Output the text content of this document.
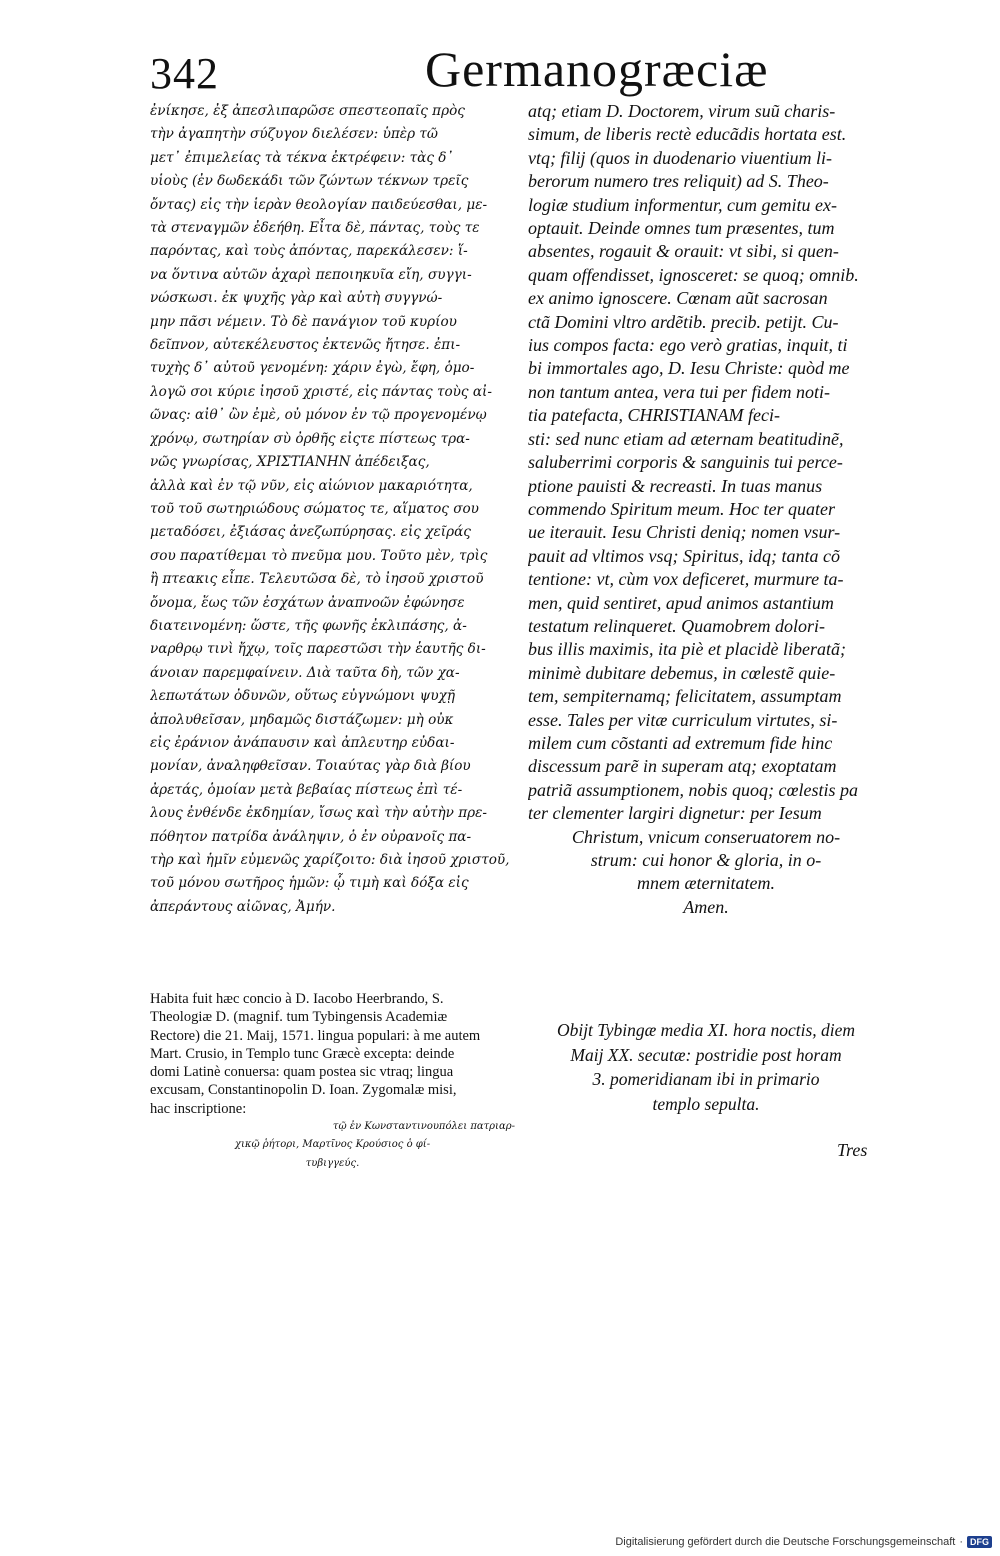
342	Germanogræciæ
ἐνίκησε, ἐξ ἀπεσλιπαρῶσε σπεστεοπαῖς πρὸς
τὴν ἀγαπητὴν σύζυγον διελέσεν: ὑπὲρ τῶ
μετ᾽ ἐπιμελείας τὰ τέκνα ἐκτρέφειν: τὰς δ᾽
υἱοὺς (ἐν δωδεκάδι τῶν ζώντων τέκνων τρεῖς
ὄντας) εἰς τὴν ἱερὰν θεολογίαν παιδεύεσθαι, με-
τὰ στεναγμῶν ἐδεήθη. Εἶτα δὲ, πάντας, τοὺς τε
παρόντας, καὶ τοὺς ἀπόντας, παρεκάλεσεν: ἵ-
να ὅντινα αὐτῶν ἀχαρὶ πεποιηκυῖα εἴη, συγγι-
νώσκωσι. ἐκ ψυχῆς γὰρ καὶ αὐτὴ συγγνώ-
μην πᾶσι νέμειν. Τὸ δὲ πανάγιον τοῦ κυρίου
δεῖπνον, αὐτεκέλευστος ἐκτενῶς ἤτησε. ἐπι-
τυχὴς δ᾽ αὐτοῦ γενομένη: χάριν ἐγὼ, ἔφη, ὁμο-
λογῶ σοι κύριε ἰησοῦ χριστέ, εἰς πάντας τοὺς αἰ-
ῶνας: αἰθ᾽ ὢν ἐμὲ, οὐ μόνον ἐν τῷ προγενομένῳ
χρόνῳ, σωτηρίαν σὺ ὀρθῆς εἰςτε πίστεως τρα-
νῶς γνωρίσας, ΧΡΙΣΤΙΑΝΗΝ ἀπέδειξας,
ἀλλὰ καὶ ἐν τῷ νῦν, εἰς αἰώνιον μακαριότητα,
τοῦ τοῦ σωτηριώδους σώματος τε, αἵματος σου
μεταδόσει, ἐξιάσας ἀνεζωπύρησας. εἰς χεῖράς
σου παρατίθεμαι τὸ πνεῦμα μου. Τοῦτο μὲν, τρὶς
ἢ πτεακις εἶπε. Τελευτῶσα δὲ, τὸ ἰησοῦ χριστοῦ
ὄνομα, ἕως τῶν ἐσχάτων ἀναπνοῶν ἐφώνησε
διατεινομένη: ὥστε, τῆς φωνῆς ἐκλιπάσης, ἀ-
ναρθρῳ τινὶ ἤχῳ, τοῖς παρεστῶσι τὴν ἑαυτῆς δι-
άνοιαν παρεμφαίνειν. Διὰ ταῦτα δὴ, τῶν χα-
λεπωτάτων ὀδυνῶν, οὕτως εὐγνώμονι ψυχῇ
ἀπολυθεῖσαν, μηδαμῶς διστάζωμεν: μὴ οὐκ
εἰς ἐράνιον ἀνάπαυσιν καὶ ἀπλευτηρ εὐδαι-
μονίαν, ἀναληφθεῖσαν. Τοιαύτας γὰρ διὰ βίου
ἀρετάς, ὁμοίαν μετὰ βεβαίας πίστεως ἐπὶ τέ-
λους ἐνθένδε ἐκδημίαν, ἴσως καὶ τὴν αὐτὴν πρε-
πόθητον πατρίδα ἀνάληψιν, ὁ ἐν οὐρανοῖς πα-
τὴρ καὶ ἡμῖν εὐμενῶς χαρίζοιτο: διὰ ἰησοῦ χριστοῦ,
τοῦ μόνου σωτῆρος ἡμῶν: ᾧ τιμὴ καὶ δόξα εἰς
ἀπεράντους αἰῶνας, Ἀμήν.
atq; etiam D. Doctorem, virum suũ charis-
simum, de liberis rectè educãdis hortata est.
vtq; filij (quos in duodenario viuentium li-
berorum numero tres reliquit) ad S. Theo-
logiæ studium informentur, cum gemitu ex-
optauit. Deinde omnes tum præsentes, tum
absentes, rogauit & orauit: vt sibi, si quen-
quam offendisset, ignosceret: se quoq; omnib.
ex animo ignoscere. Cœnam aũt sacrosan
ctã Domini vltro ardẽtib. precib. petijt. Cu-
ius compos facta: ego verò gratias, inquit, ti
bi immortales ago, D. Iesu Christe: quòd me
non tantum antea, vera tui per fidem noti-
tia patefacta, CHRISTIANAM feci-
sti: sed nunc etiam ad æternam beatitudinẽ,
saluberrimi corporis & sanguinis tui percе-
ptione pauisti & recreasti. In tuas manus
commendo Spiritum meum. Hoc ter quater
ue iterauit. Iesu Christi deniq; nomen vsur-
pauit ad vltimos vsq; Spiritus, idq; tanta cõ
tentione: vt, cùm vox deficeret, murmure ta-
men, quid sentiret, apud animos astantium
testatum relinqueret. Quamobrem dolori-
bus illis maximis, ita piè et placidè liberatã;
minimè dubitare debemus, in cœlestẽ quie-
tem, sempiternamq; felicitatem, assumptam
esse. Tales per vitæ curriculum virtutes, si-
milem cum cõstanti ad extremum fide hinc
discessum parẽ in superam atq; exoptatam
patriã assumptionem, nobis quoq; cœlestis pa
ter clementer largiri dignetur: per Iesum
Christum, vnicum conseruatorem no-
strum: cui honor & gloria, in o-
mnem æternitatem.
Amen.
Habita fuit hæc concio à D. Iacobo Heerbrando, S.
Theologiæ D. (magnif. tum Tybingensis Academiæ
Rectore) die 21. Maij, 1571. lingua populari: à me autem
Mart. Crusio, in Templo tunc Græcè excepta: deinde
domi Latinè conuersa: quam postea sic vtraq; lingua
excusam, Constantinopolin D. Ioan. Zygomalæ misi,
hac inscriptione:
τῷ ἐν Κωνσταντινουπόλει πατριαρ-
χικῷ ῥήτορι, Μαρτῖνος Κρούσιος ὁ φί-
τυβιγγεύς.
Obijt Tybingæ media XI. hora noctis, diem
Maij XX. secutæ: postridie post horam
3. pomeridianam ibi in primario
templo sepulta.
Tres
Digitalisierung gefördert durch die Deutsche Forschungsgemeinschaft · DFG
